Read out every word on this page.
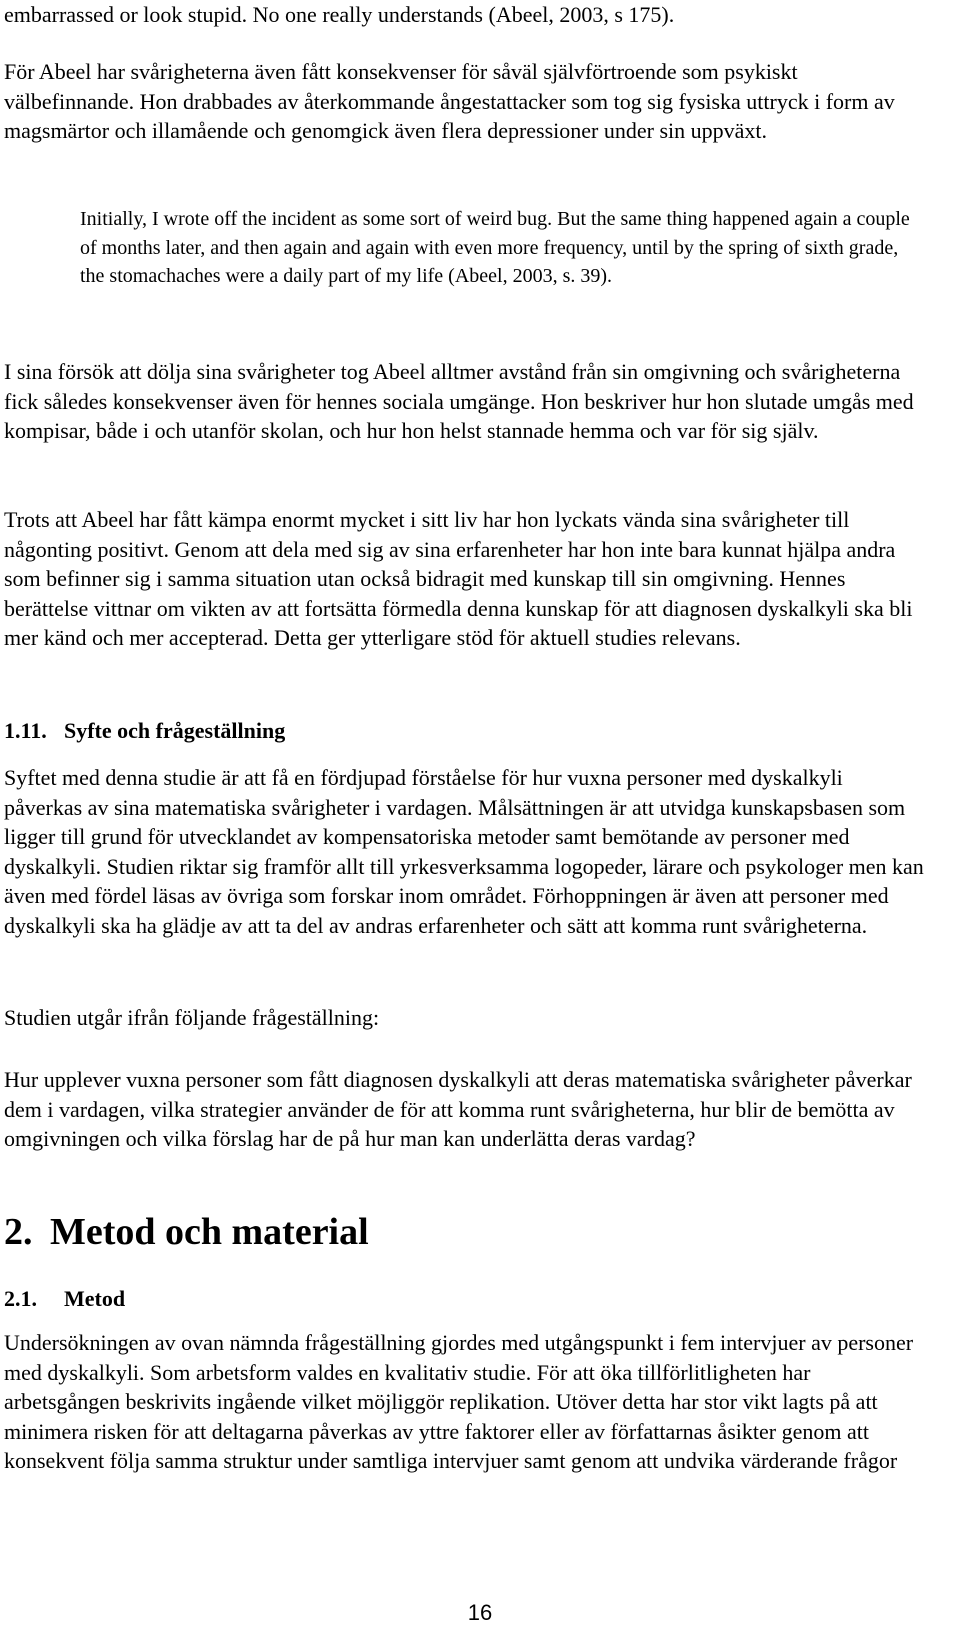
embarrassed or look stupid. No one really understands (Abeel, 2003, s 175).

För Abeel har svårigheterna även fått konsekvenser för såväl självförtroende som psykiskt välbefinnande. Hon drabbades av återkommande ångestattacker som tog sig fysiska uttryck i form av magsmärtor och illamående och genomgick även flera depressioner under sin uppväxt.

Initially, I wrote off the incident as some sort of weird bug. But the same thing happened again a couple of months later, and then again and again with even more frequency, until by the spring of sixth grade, the stomachaches were a daily part of my life (Abeel, 2003, s. 39).

I sina försök att dölja sina svårigheter tog Abeel alltmer avstånd från sin omgivning och svårigheterna fick således konsekvenser även för hennes sociala umgänge. Hon beskriver hur hon slutade umgås med kompisar, både i och utanför skolan, och hur hon helst stannade hemma och var för sig själv.

Trots att Abeel har fått kämpa enormt mycket i sitt liv har hon lyckats vända sina svårigheter till någonting positivt. Genom att dela med sig av sina erfarenheter har hon inte bara kunnat hjälpa andra som befinner sig i samma situation utan också bidragit med kunskap till sin omgivning. Hennes berättelse vittnar om vikten av att fortsätta förmedla denna kunskap för att diagnosen dyskalkyli ska bli mer känd och mer accepterad. Detta ger ytterligare stöd för aktuell studies relevans.

1.11. Syfte och frågeställning

Syftet med denna studie är att få en fördjupad förståelse för hur vuxna personer med dyskalkyli påverkas av sina matematiska svårigheter i vardagen. Målsättningen är att utvidga kunskapsbasen som ligger till grund för utvecklandet av kompensatoriska metoder samt bemötande av personer med dyskalkyli. Studien riktar sig framför allt till yrkesverksamma logopeder, lärare och psykologer men kan även med fördel läsas av övriga som forskar inom området. Förhoppningen är även att personer med dyskalkyli ska ha glädje av att ta del av andras erfarenheter och sätt att komma runt svårigheterna.

Studien utgår ifrån följande frågeställning:

Hur upplever vuxna personer som fått diagnosen dyskalkyli att deras matematiska svårigheter påverkar dem i vardagen, vilka strategier använder de för att komma runt svårigheterna, hur blir de bemötta av omgivningen och vilka förslag har de på hur man kan underlätta deras vardag?

2. Metod och material
2.1. Metod

Undersökningen av ovan nämnda frågeställning gjordes med utgångspunkt i fem intervjuer av personer med dyskalkyli. Som arbetsform valdes en kvalitativ studie. För att öka tillförlitligheten har arbetsgången beskrivits ingående vilket möjliggör replikation. Utöver detta har stor vikt lagts på att minimera risken för att deltagarna påverkas av yttre faktorer eller av författarnas åsikter genom att konsekvent följa samma struktur under samtliga intervjuer samt genom att undvika värderande frågor

16
